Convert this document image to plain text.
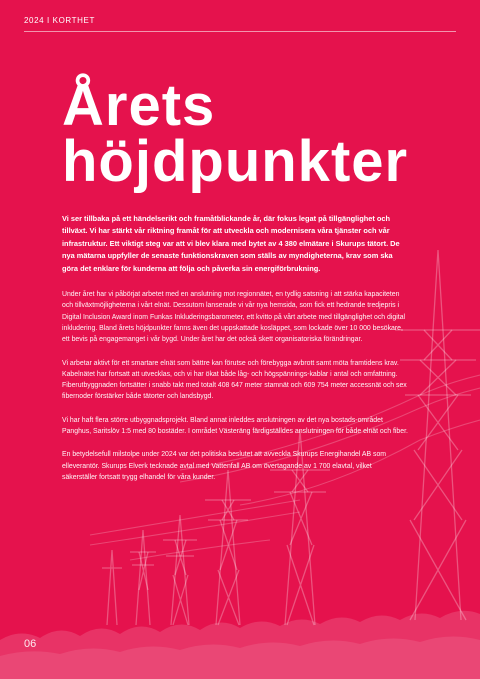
2024 I KORTHET
Årets
höjdpunkter

Vi ser tillbaka på ett händelserikt och framåtblickande år, där fokus legat på tillgänglighet och tillväxt. Vi har stärkt vår riktning framåt för att utveckla och modernisera våra tjänster och vår infrastruktur. Ett viktigt steg var att vi blev klara med bytet av 4 380 elmätare i Skurups tätort. De nya mätarna uppfyller de senaste funktionskraven som ställs av myndigheterna, krav som ska göra det enklare för kunderna att följa och påverka sin energiförbrukning.

Under året har vi påbörjat arbetet med en anslutning mot regionnätet, en tydlig satsning i att stärka kapaciteten och tillväxtmöjligheterna i vårt elnät. Dessutom lanserade vi vår nya hemsida, som fick ett hedrande tredjepris i Digital Inclusion Award inom Funkas Inkluderingsbarometer, ett kvitto på vårt arbete med tillgänglighet och digital inkludering. Bland årets höjdpunkter fanns även det uppskattade kosläppet, som lockade över 10 000 besökare, ett bevis på engagemanget i vår bygd. Under året har det också skett organisatoriska förändringar.

Vi arbetar aktivt för ett smartare elnät som bättre kan förutse och förebygga avbrott samt möta framtidens krav. Kabelnätet har fortsatt att utvecklas, och vi har ökat både låg- och högspännings-kablar i antal och omfattning. Fiberutbyggnaden fortsätter i snabb takt med totalt 408 647 meter stamnät och 609 754 meter accessnät och sex fibernoder förstärker både tätorter och landsbygd.

Vi har haft flera större utbyggnadsprojekt. Bland annat inleddes anslutningen av det nya bostads-området Panghus, Saritslöv 1:5 med 80 bostäder. I området Västeräng färdigställdes anslutningen för både elnät och fiber.

En betydelsefull milstolpe under 2024 var det politiska beslutet att avveckla Skurups Energihandel AB som elleverantör. Skurups Elverk tecknade avtal med Vattenfall AB om övertagande av 1 700 elavtal, vilket säkerställer fortsatt trygg elhandel för våra kunder.

06
